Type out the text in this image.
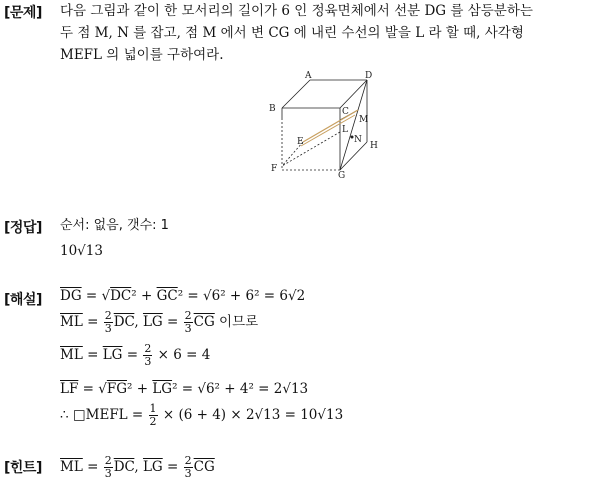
[문제] 다음 그림과 같이 한 모서리의 길이가 6 인 정육면체에서 선분 DG 를 삼등분하는
두 점 M, N 를 잡고, 점 M 에서 변 CG 에 내린 수선의 발을 L 라 할 때, 사각형
MEFL 의 넓이를 구하여라.
A
B	C
D
E
F
G
H
L
M
N
[정답] 순서: 없음, 갯수: 1
10√13
[해설] $\overline{DG} = √DC^2 + \overline{GC}^2 = √6^2 + 6^2 = 6√2$
$\overline{ML} = \frac{2}{3} \overline{DC}$, $\overline{LG} = \frac{2}{3} \overline{CG}$ 이므로
$\overline{ML} = \overline{LG} = \frac{2}{3} \times 6 = 4$
$\overline{LF} = √FG^2 + \overline{LG}^2 = √6^2 + 4^2 = 2√13$
∴ □MEFL = $\frac{1}{2} \times (6 + 4) \times 2√13 = 10√13$
[힌트] $\overline{ML} = \frac{2}{3} \overline{DC}$, $\overline{LG} = \frac{2}{3} \overline{CG}$
